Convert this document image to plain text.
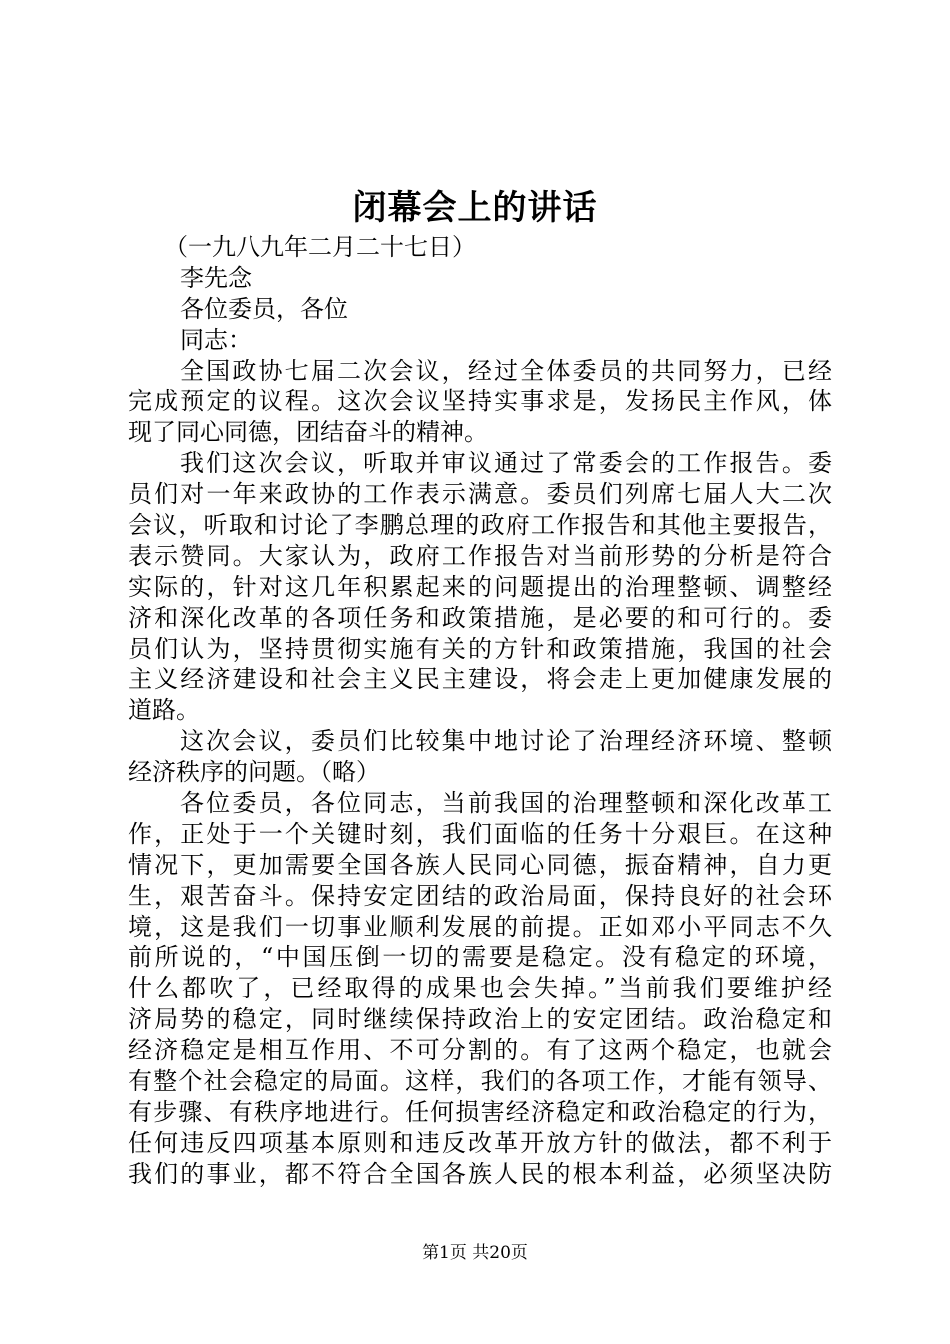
闭幕会上的讲话
（一九八九年二月二十七日）
李先念
各位委员，各位
同志：
全国政协七届二次会议，经过全体委员的共同努力，已经
完成预定的议程。这次会议坚持实事求是，发扬民主作风，体
现了同心同德，团结奋斗的精神。
我们这次会议，听取并审议通过了常委会的工作报告。委
员们对一年来政协的工作表示满意。委员们列席七届人大二次
会议，听取和讨论了李鹏总理的政府工作报告和其他主要报告，
表示赞同。大家认为，政府工作报告对当前形势的分析是符合
实际的，针对这几年积累起来的问题提出的治理整顿、调整经
济和深化改革的各项任务和政策措施，是必要的和可行的。委
员们认为，坚持贯彻实施有关的方针和政策措施，我国的社会
主义经济建设和社会主义民主建设，将会走上更加健康发展的
道路。
这次会议，委员们比较集中地讨论了治理经济环境、整顿
经济秩序的问题。（略）
各位委员，各位同志，当前我国的治理整顿和深化改革工
作，正处于一个关键时刻，我们面临的任务十分艰巨。在这种
情况下，更加需要全国各族人民同心同德，振奋精神，自力更
生，艰苦奋斗。保持安定团结的政治局面，保持良好的社会环
境，这是我们一切事业顺利发展的前提。正如邓小平同志不久
前所说的，“中国压倒一切的需要是稳定。没有稳定的环境，
什么都吹了，已经取得的成果也会失掉。”当前我们要维护经
济局势的稳定，同时继续保持政治上的安定团结。政治稳定和
经济稳定是相互作用、不可分割的。有了这两个稳定，也就会
有整个社会稳定的局面。这样，我们的各项工作，才能有领导、
有步骤、有秩序地进行。任何损害经济稳定和政治稳定的行为，
任何违反四项基本原则和违反改革开放方针的做法，都不利于
我们的事业，都不符合全国各族人民的根本利益，必须坚决防
第1页 共20页
